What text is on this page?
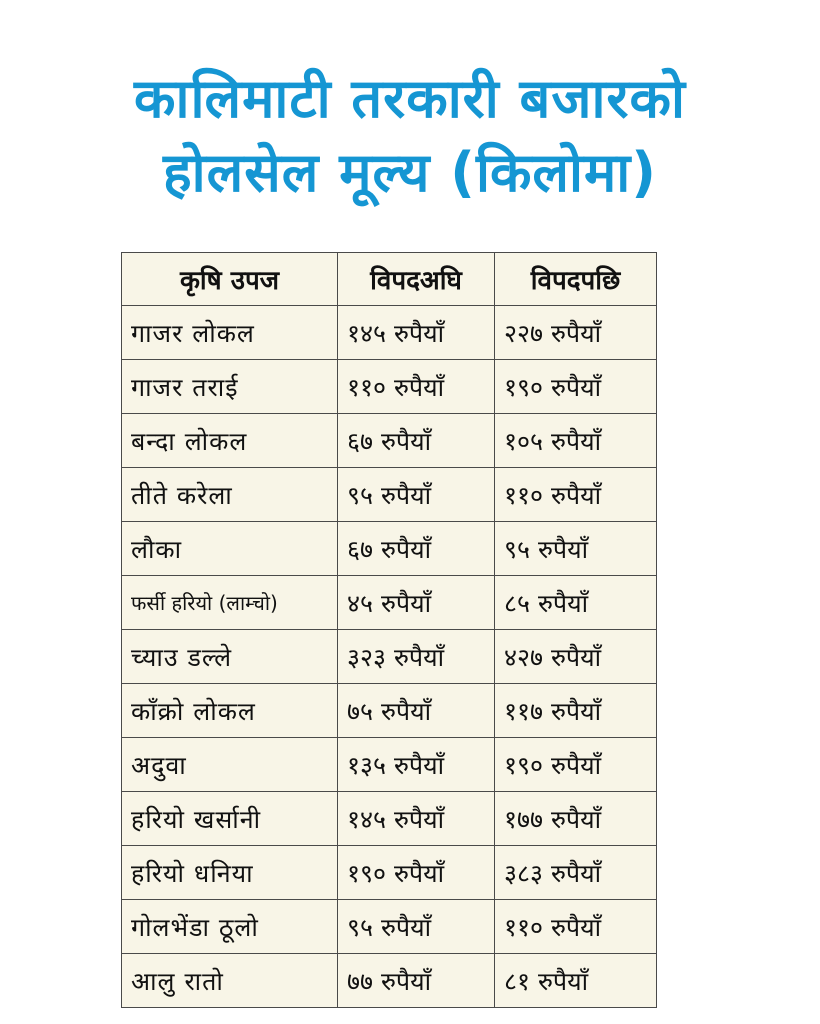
कालिमाटी तरकारी बजारको
होलसेल मूल्य (किलोमा)
कृषि उपज	विपदअघि	विपदपछि
गाजर लोकल	१४५ रुपैयाँ	२२७ रुपैयाँ
गाजर तराई	११० रुपैयाँ	१९० रुपैयाँ
बन्दा लोकल	६७ रुपैयाँ	१०५ रुपैयाँ
तीते करेला	९५ रुपैयाँ	११० रुपैयाँ
लौका	६७ रुपैयाँ	९५ रुपैयाँ
फर्सी हरियो (लाम्चो)	४५ रुपैयाँ	८५ रुपैयाँ
च्याउ डल्ले	३२३ रुपैयाँ	४२७ रुपैयाँ
काँक्रो लोकल	७५ रुपैयाँ	११७ रुपैयाँ
अदुवा	१३५ रुपैयाँ	१९० रुपैयाँ
हरियो खर्सानी	१४५ रुपैयाँ	१७७ रुपैयाँ
हरियो धनिया	१९० रुपैयाँ	३८३ रुपैयाँ
गोलभेंडा ठूलो	९५ रुपैयाँ	११० रुपैयाँ
आलु रातो	७७ रुपैयाँ	८१ रुपैयाँ
